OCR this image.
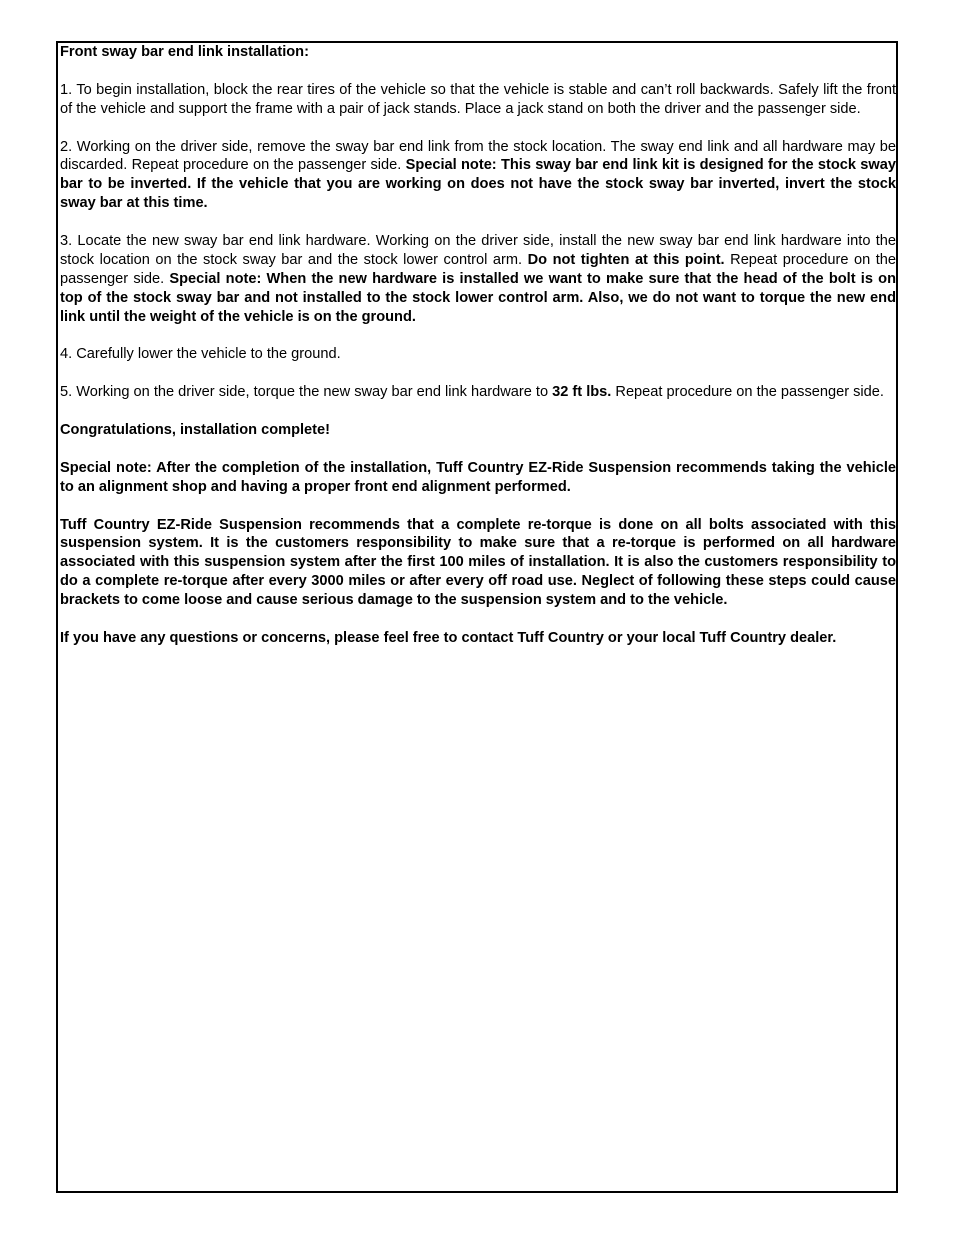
Front sway bar end link installation:

1. To begin installation, block the rear tires of the vehicle so that the vehicle is stable and can’t roll backwards. Safely lift the front of the vehicle and support the frame with a pair of jack stands. Place a jack stand on both the driver and the passenger side.

2. Working on the driver side, remove the sway bar end link from the stock location. The sway end link and all hardware may be discarded. Repeat procedure on the passenger side. Special note: This sway bar end link kit is designed for the stock sway bar to be inverted. If the vehicle that you are working on does not have the stock sway bar inverted, invert the stock sway bar at this time.

3. Locate the new sway bar end link hardware. Working on the driver side, install the new sway bar end link hardware into the stock location on the stock sway bar and the stock lower control arm. Do not tighten at this point. Repeat procedure on the passenger side. Special note: When the new hardware is installed we want to make sure that the head of the bolt is on top of the stock sway bar and not installed to the stock lower control arm. Also, we do not want to torque the new end link until the weight of the vehicle is on the ground.

4. Carefully lower the vehicle to the ground.

5. Working on the driver side, torque the new sway bar end link hardware to 32 ft lbs. Repeat procedure on the passenger side.

Congratulations, installation complete!

Special note: After the completion of the installation, Tuff Country EZ-Ride Suspension recommends taking the vehicle to an alignment shop and having a proper front end alignment performed.

Tuff Country EZ-Ride Suspension recommends that a complete re-torque is done on all bolts associated with this suspension system. It is the customers responsibility to make sure that a re-torque is performed on all hardware associated with this suspension system after the first 100 miles of installation. It is also the customers responsibility to do a complete re-torque after every 3000 miles or after every off road use. Neglect of following these steps could cause brackets to come loose and cause serious damage to the suspension system and to the vehicle.

If you have any questions or concerns, please feel free to contact Tuff Country or your local Tuff Country dealer.
